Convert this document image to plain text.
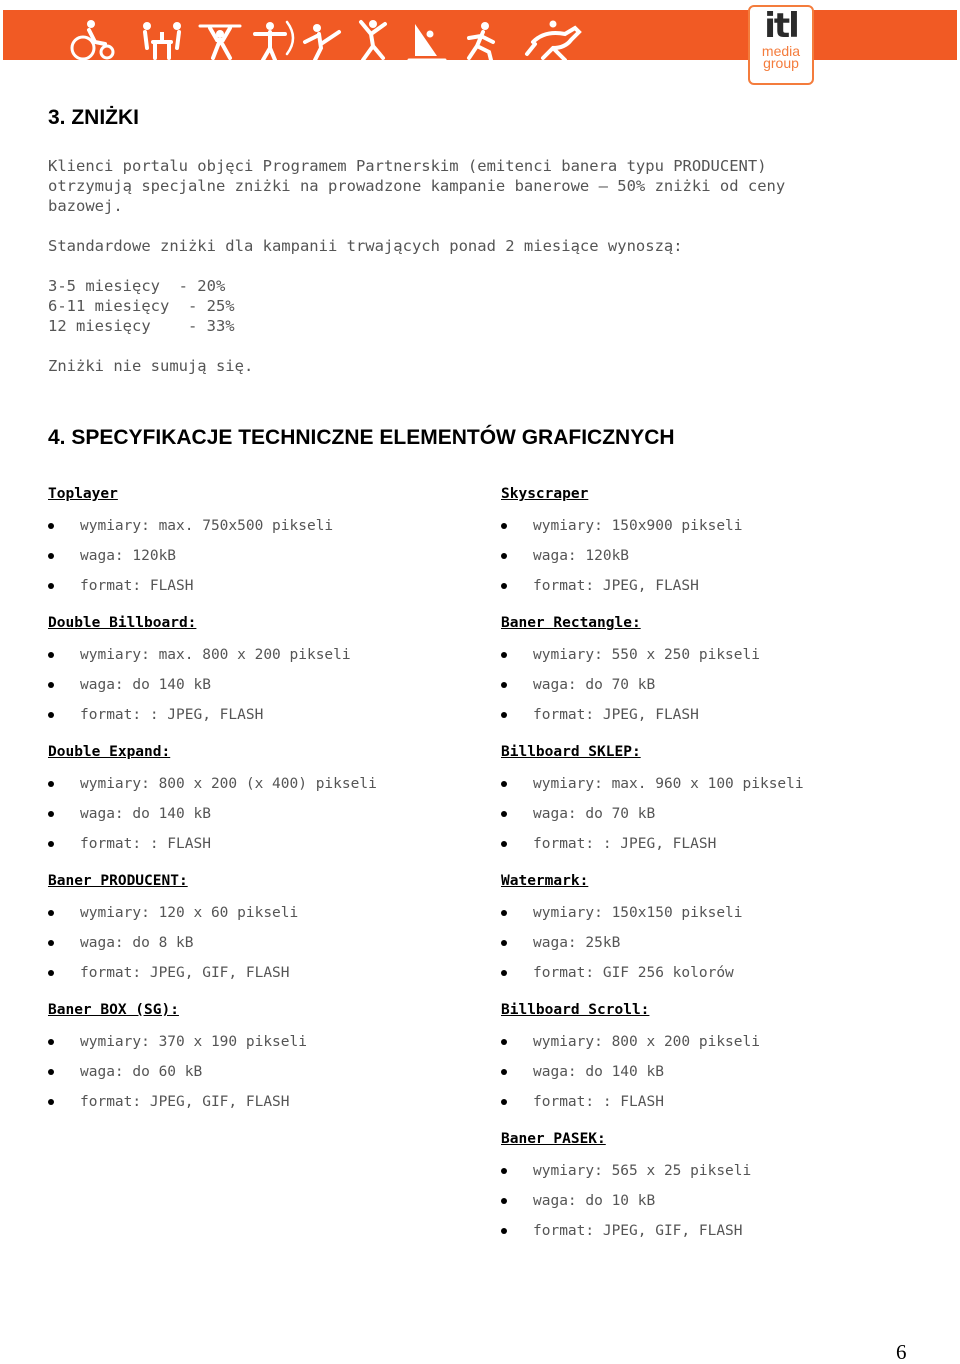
itl
media
group
3. ZNIŻKI

Klienci portalu objęci Programem Partnerskim (emitenci banera typu PRODUCENT)

otrzymują specjalne zniżki na prowadzone kampanie banerowe – 50% zniżki od ceny

bazowej.

Standardowe zniżki dla kampanii trwających ponad 2 miesiące wynoszą:

3-5 miesięcy  - 20%

6-11 miesięcy  - 25%

12 miesięcy    - 33%

Zniżki nie sumują się.

4. SPECYFIKACJE TECHNICZNE ELEMENTÓW GRAFICZNYCH
Toplayer
wymiary: max. 750x500 pikseli
waga: 120kB
format: FLASH
Double Billboard:
wymiary: max. 800 x 200 pikseli
waga: do 140 kB
format: : JPEG, FLASH
Double Expand:
wymiary: 800 x 200 (x 400) pikseli
waga: do 140 kB
format: : FLASH
Baner PRODUCENT:
wymiary: 120 x 60 pikseli
waga: do 8 kB
format: JPEG, GIF, FLASH
Baner BOX (SG):
wymiary: 370 x 190 pikseli
waga: do 60 kB
format: JPEG, GIF, FLASH
Skyscraper
wymiary: 150x900 pikseli
waga: 120kB
format: JPEG, FLASH
Baner Rectangle:
wymiary: 550 x 250 pikseli
waga: do 70 kB
format: JPEG, FLASH
Billboard SKLEP:
wymiary: max. 960 x 100 pikseli
waga: do 70 kB
format: : JPEG, FLASH
Watermark:
wymiary: 150x150 pikseli
waga: 25kB
format: GIF 256 kolorów
Billboard Scroll:
wymiary: 800 x 200 pikseli
waga: do 140 kB
format: : FLASH
Baner PASEK:
wymiary: 565 x 25 pikseli
waga: do 10 kB
format: JPEG, GIF, FLASH
6
